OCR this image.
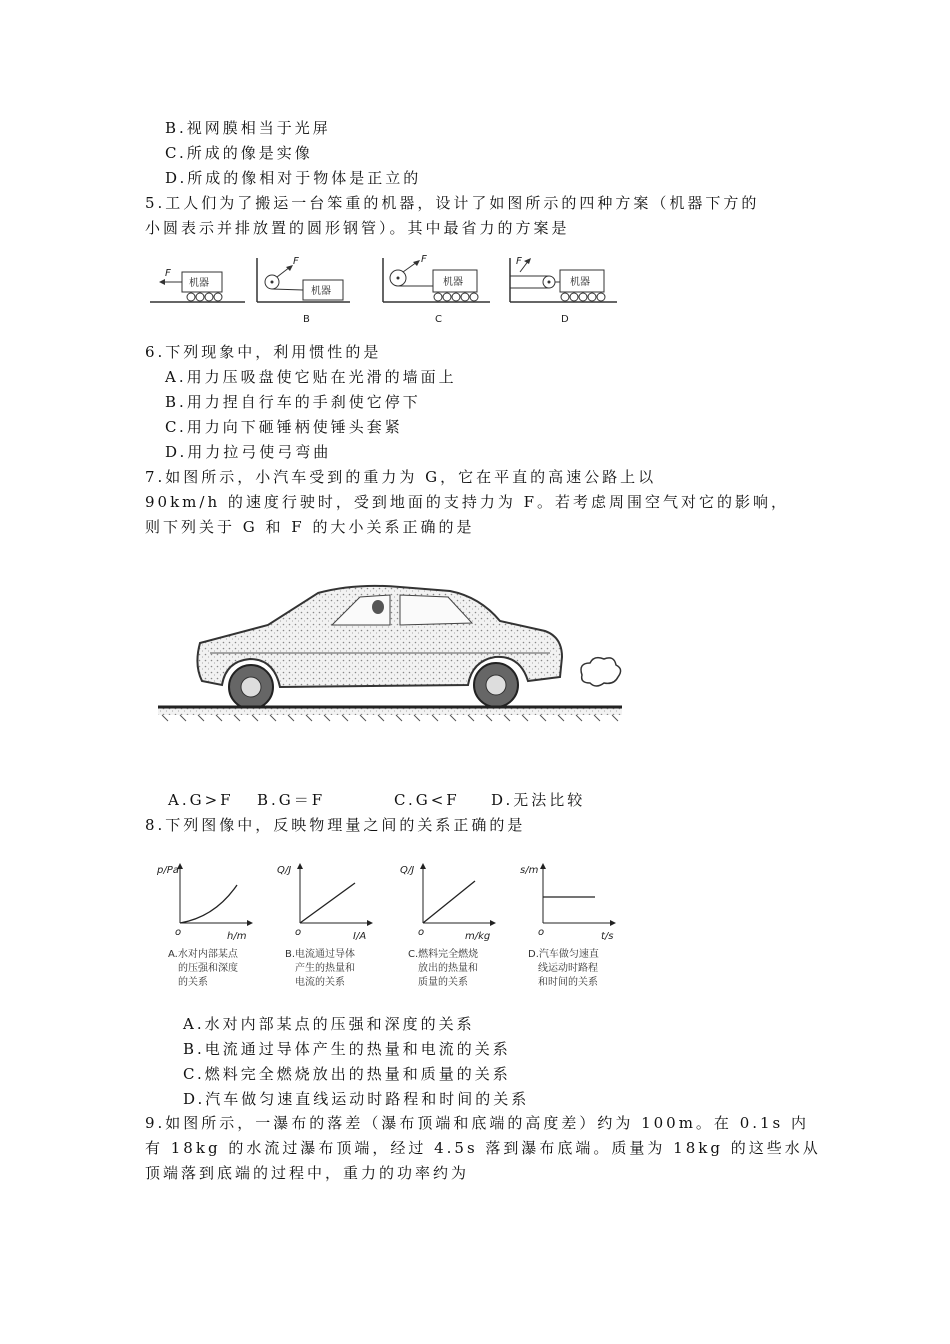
B.视网膜相当于光屏
C.所成的像是实像
D.所成的像相对于物体是正立的
5.工人们为了搬运一台笨重的机器，设计了如图所示的四种方案（机器下方的
小圆表示并排放置的圆形钢管）。其中最省力的方案是
机器
F
机器
F
B
机器
F
C
机器
F
D
6.下列现象中，利用惯性的是
A.用力压吸盘使它贴在光滑的墙面上
B.用力捏自行车的手刹使它停下
C.用力向下砸锤柄使锤头套紧
D.用力拉弓使弓弯曲
7.如图所示，小汽车受到的重力为 G，它在平直的高速公路上以
90km/h 的速度行驶时，受到地面的支持力为 F。若考虑周围空气对它的影响，
则下列关于 G 和 F 的大小关系正确的是
A.G>F B.G＝F	C.G<F D.无法比较
8.下列图像中，反映物理量之间的关系正确的是
p/Pa
h/m
o
Q/J
I/A
o
Q/J
m/kg
o
s/m
t/s
o
A.水对内部某点
的压强和深度
的关系
B.电流通过导体
产生的热量和
电流的关系
C.燃料完全燃烧
放出的热量和
质量的关系
D.汽车做匀速直
线运动时路程
和时间的关系
A.水对内部某点的压强和深度的关系
B.电流通过导体产生的热量和电流的关系
C.燃料完全燃烧放出的热量和质量的关系
D.汽车做匀速直线运动时路程和时间的关系
9.如图所示，一瀑布的落差（瀑布顶端和底端的高度差）约为 100m。在 0.1s 内
有 18kg 的水流过瀑布顶端，经过 4.5s 落到瀑布底端。质量为 18kg 的这些水从
顶端落到底端的过程中，重力的功率约为
